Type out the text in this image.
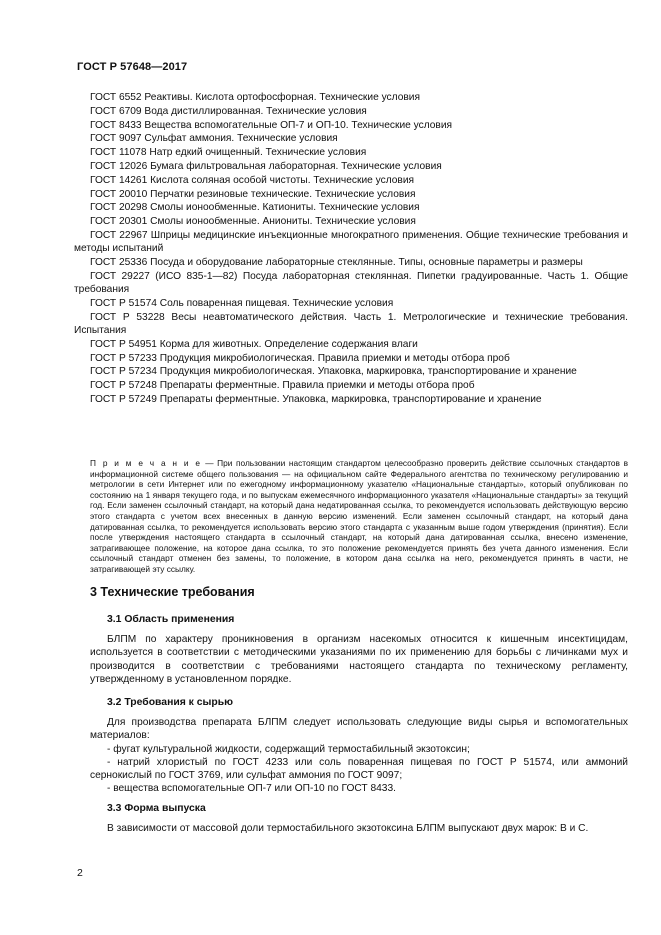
ГОСТ Р 57648—2017
ГОСТ 6552 Реактивы. Кислота ортофосфорная. Технические условия
ГОСТ 6709 Вода дистиллированная. Технические условия
ГОСТ 8433 Вещества вспомогательные ОП-7 и ОП-10. Технические условия
ГОСТ 9097 Сульфат аммония. Технические условия
ГОСТ 11078 Натр едкий очищенный. Технические условия
ГОСТ 12026 Бумага фильтровальная лабораторная. Технические условия
ГОСТ 14261 Кислота соляная особой чистоты. Технические условия
ГОСТ 20010 Перчатки резиновые технические. Технические условия
ГОСТ 20298 Смолы ионообменные. Катиониты. Технические условия
ГОСТ 20301 Смолы ионообменные. Аниониты. Технические условия
ГОСТ 22967 Шприцы медицинские инъекционные многократного применения. Общие технические требования и методы испытаний
ГОСТ 25336 Посуда и оборудование лабораторные стеклянные. Типы, основные параметры и размеры
ГОСТ 29227 (ИСО 835-1—82) Посуда лабораторная стеклянная. Пипетки градуированные. Часть 1. Общие требования
ГОСТ Р 51574 Соль поваренная пищевая. Технические условия
ГОСТ Р 53228 Весы неавтоматического действия. Часть 1. Метрологические и технические требования. Испытания
ГОСТ Р 54951 Корма для животных. Определение содержания влаги
ГОСТ Р 57233 Продукция микробиологическая. Правила приемки и методы отбора проб
ГОСТ Р 57234 Продукция микробиологическая. Упаковка, маркировка, транспортирование и хранение
ГОСТ Р 57248 Препараты ферментные. Правила приемки и методы отбора проб
ГОСТ Р 57249 Препараты ферментные. Упаковка, маркировка, транспортирование и хранение
П р и м е ч а н и е — При пользовании настоящим стандартом целесообразно проверить действие ссылочных стандартов в информационной системе общего пользования — на официальном сайте Федерального агентства по техническому регулированию и метрологии в сети Интернет или по ежегодному информационному указателю «Национальные стандарты», который опубликован по состоянию на 1 января текущего года, и по выпускам ежемесячного информационного указателя «Национальные стандарты» за текущий год. Если заменен ссылочный стандарт, на который дана недатированная ссылка, то рекомендуется использовать действующую версию этого стандарта с учетом всех внесенных в данную версию изменений. Если заменен ссылочный стандарт, на который дана датированная ссылка, то рекомендуется использовать версию этого стандарта с указанным выше годом утверждения (принятия). Если после утверждения настоящего стандарта в ссылочный стандарт, на который дана датированная ссылка, внесено изменение, затрагивающее положение, на которое дана ссылка, то это положение рекомендуется принять без учета данного изменения. Если ссылочный стандарт отменен без замены, то положение, в котором дана ссылка на него, рекомендуется принять в части, не затрагивающей эту ссылку.
3 Технические требования
3.1 Область применения

БЛПМ по характеру проникновения в организм насекомых относится к кишечным инсектицидам, используется в соответствии с методическими указаниями по их применению для борьбы с личинками мух и производится в соответствии с требованиями настоящего стандарта по техническому регламенту, утвержденному в установленном порядке.

3.2 Требования к сырью

Для производства препарата БЛПМ следует использовать следующие виды сырья и вспомогательных материалов:

- фугат культуральной жидкости, содержащий термостабильный экзотоксин;

- натрий хлористый по ГОСТ 4233 или соль поваренная пищевая по ГОСТ Р 51574, или аммоний сернокислый по ГОСТ 3769, или сульфат аммония по ГОСТ 9097;

- вещества вспомогательные ОП-7 или ОП-10 по ГОСТ 8433.

3.3 Форма выпуска

В зависимости от массовой доли термостабильного экзотоксина БЛПМ выпускают двух марок: В и С.

2
